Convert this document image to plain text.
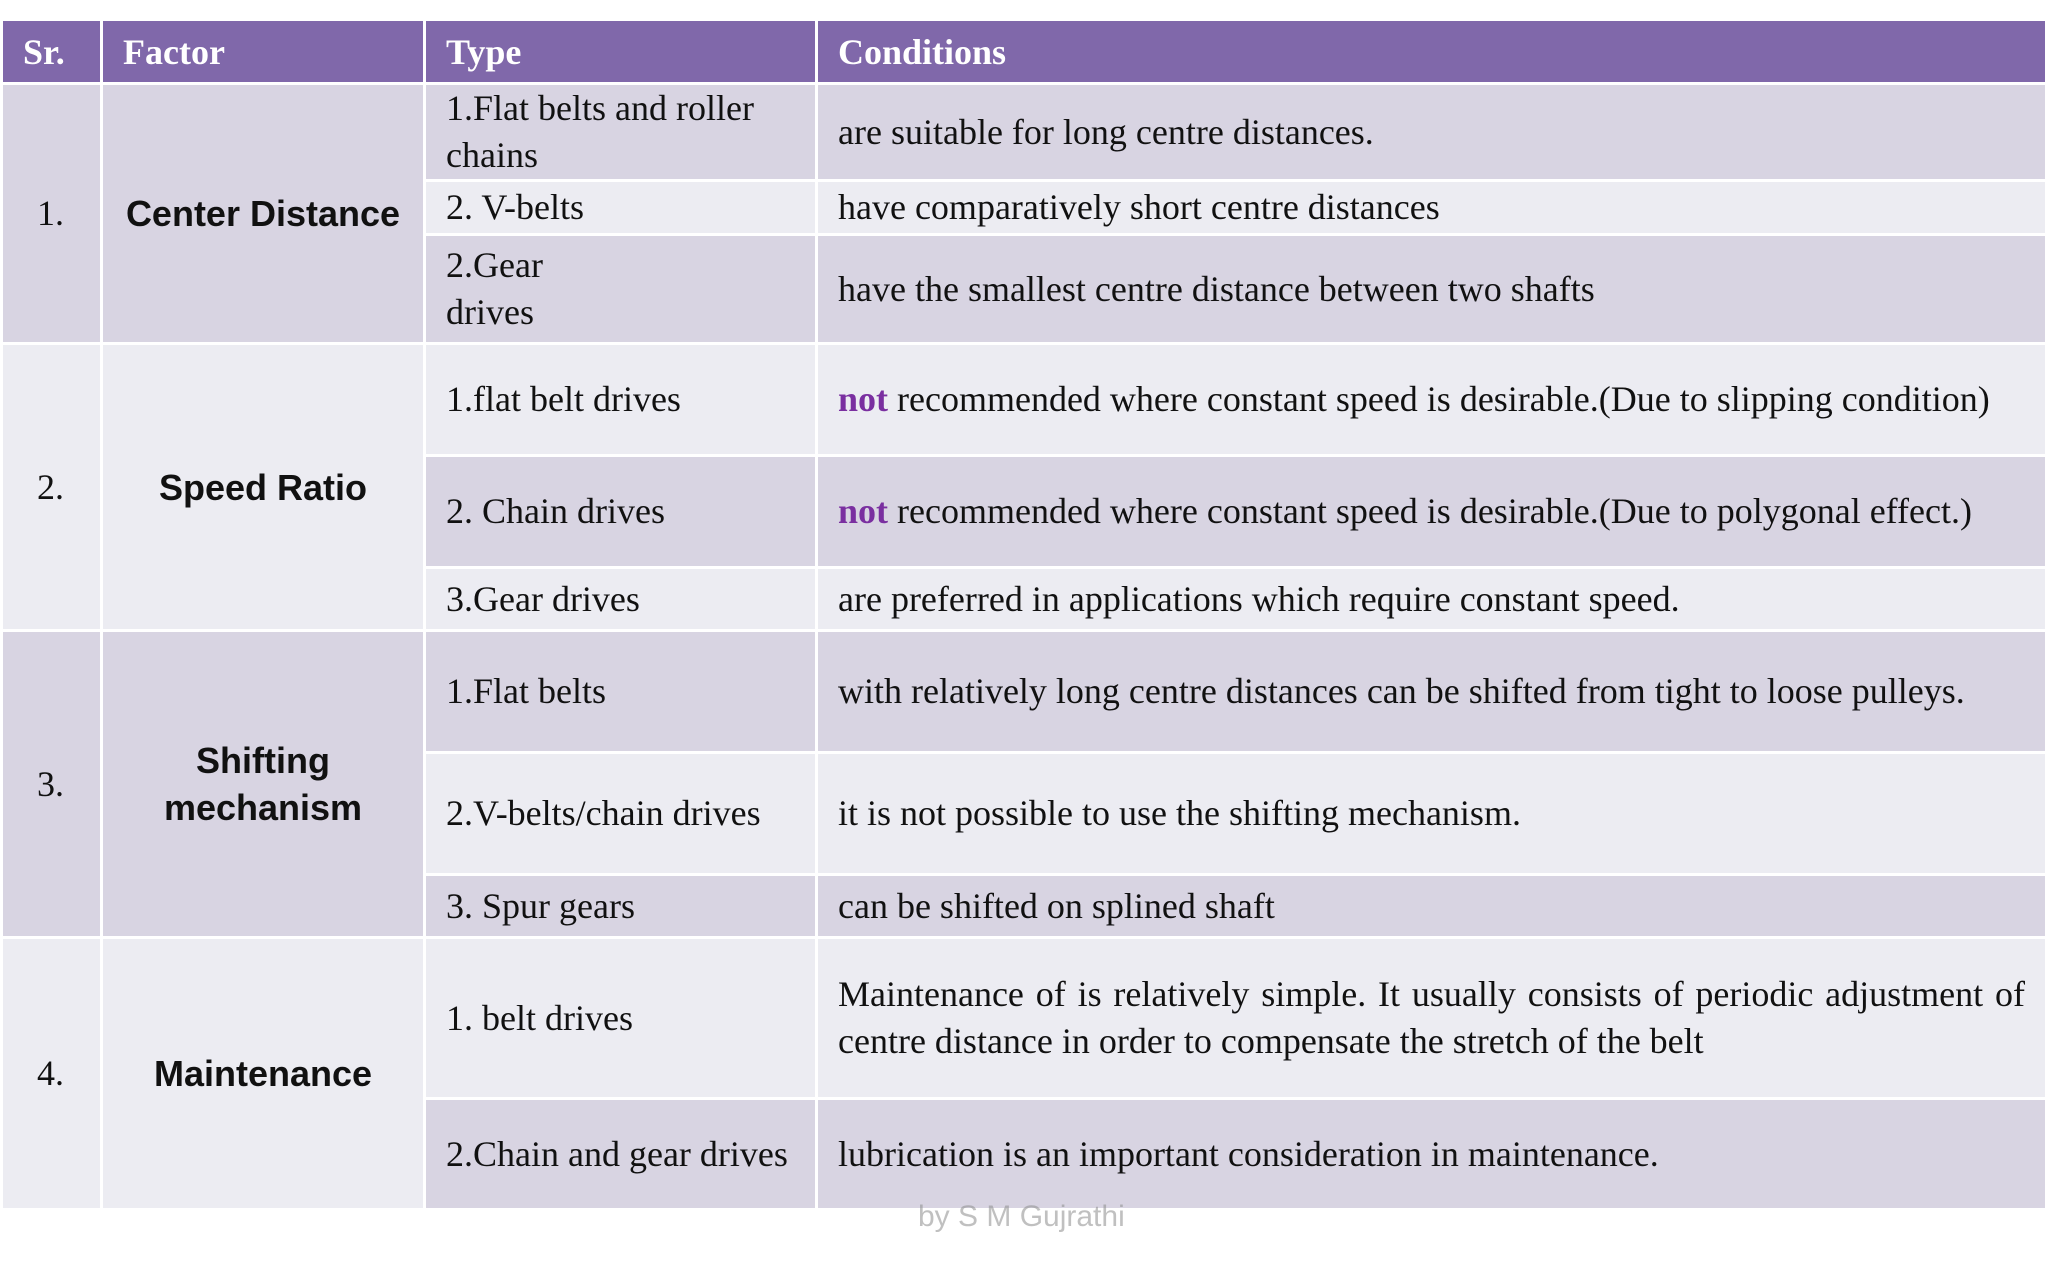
Sr.	Factor	Type	Conditions
1.	Center Distance	1.Flat belts and roller chains	are suitable for long centre distances.
		2. V-belts	have comparatively short centre distances
		2.Gear drives	have the smallest centre distance between two shafts
2.	Speed Ratio	1.flat belt drives	not recommended where constant speed is desirable.(Due to slipping condition)
		2. Chain drives	not recommended where constant speed is desirable.(Due to polygonal effect.)
		3.Gear drives	are preferred in applications which require constant speed.
3.	Shifting mechanism	1.Flat belts	with relatively long centre distances can be shifted from tight to loose pulleys.
		2.V-belts/chain drives	it is not possible to use the shifting mechanism.
		3. Spur gears	can be shifted on splined shaft
4.	Maintenance	1. belt drives	Maintenance of is relatively simple. It usually consists of periodic adjustment of centre distance in order to compensate the stretch of the belt
		2.Chain and gear drives	lubrication is an important consideration in maintenance.
by S M Gujrathi
